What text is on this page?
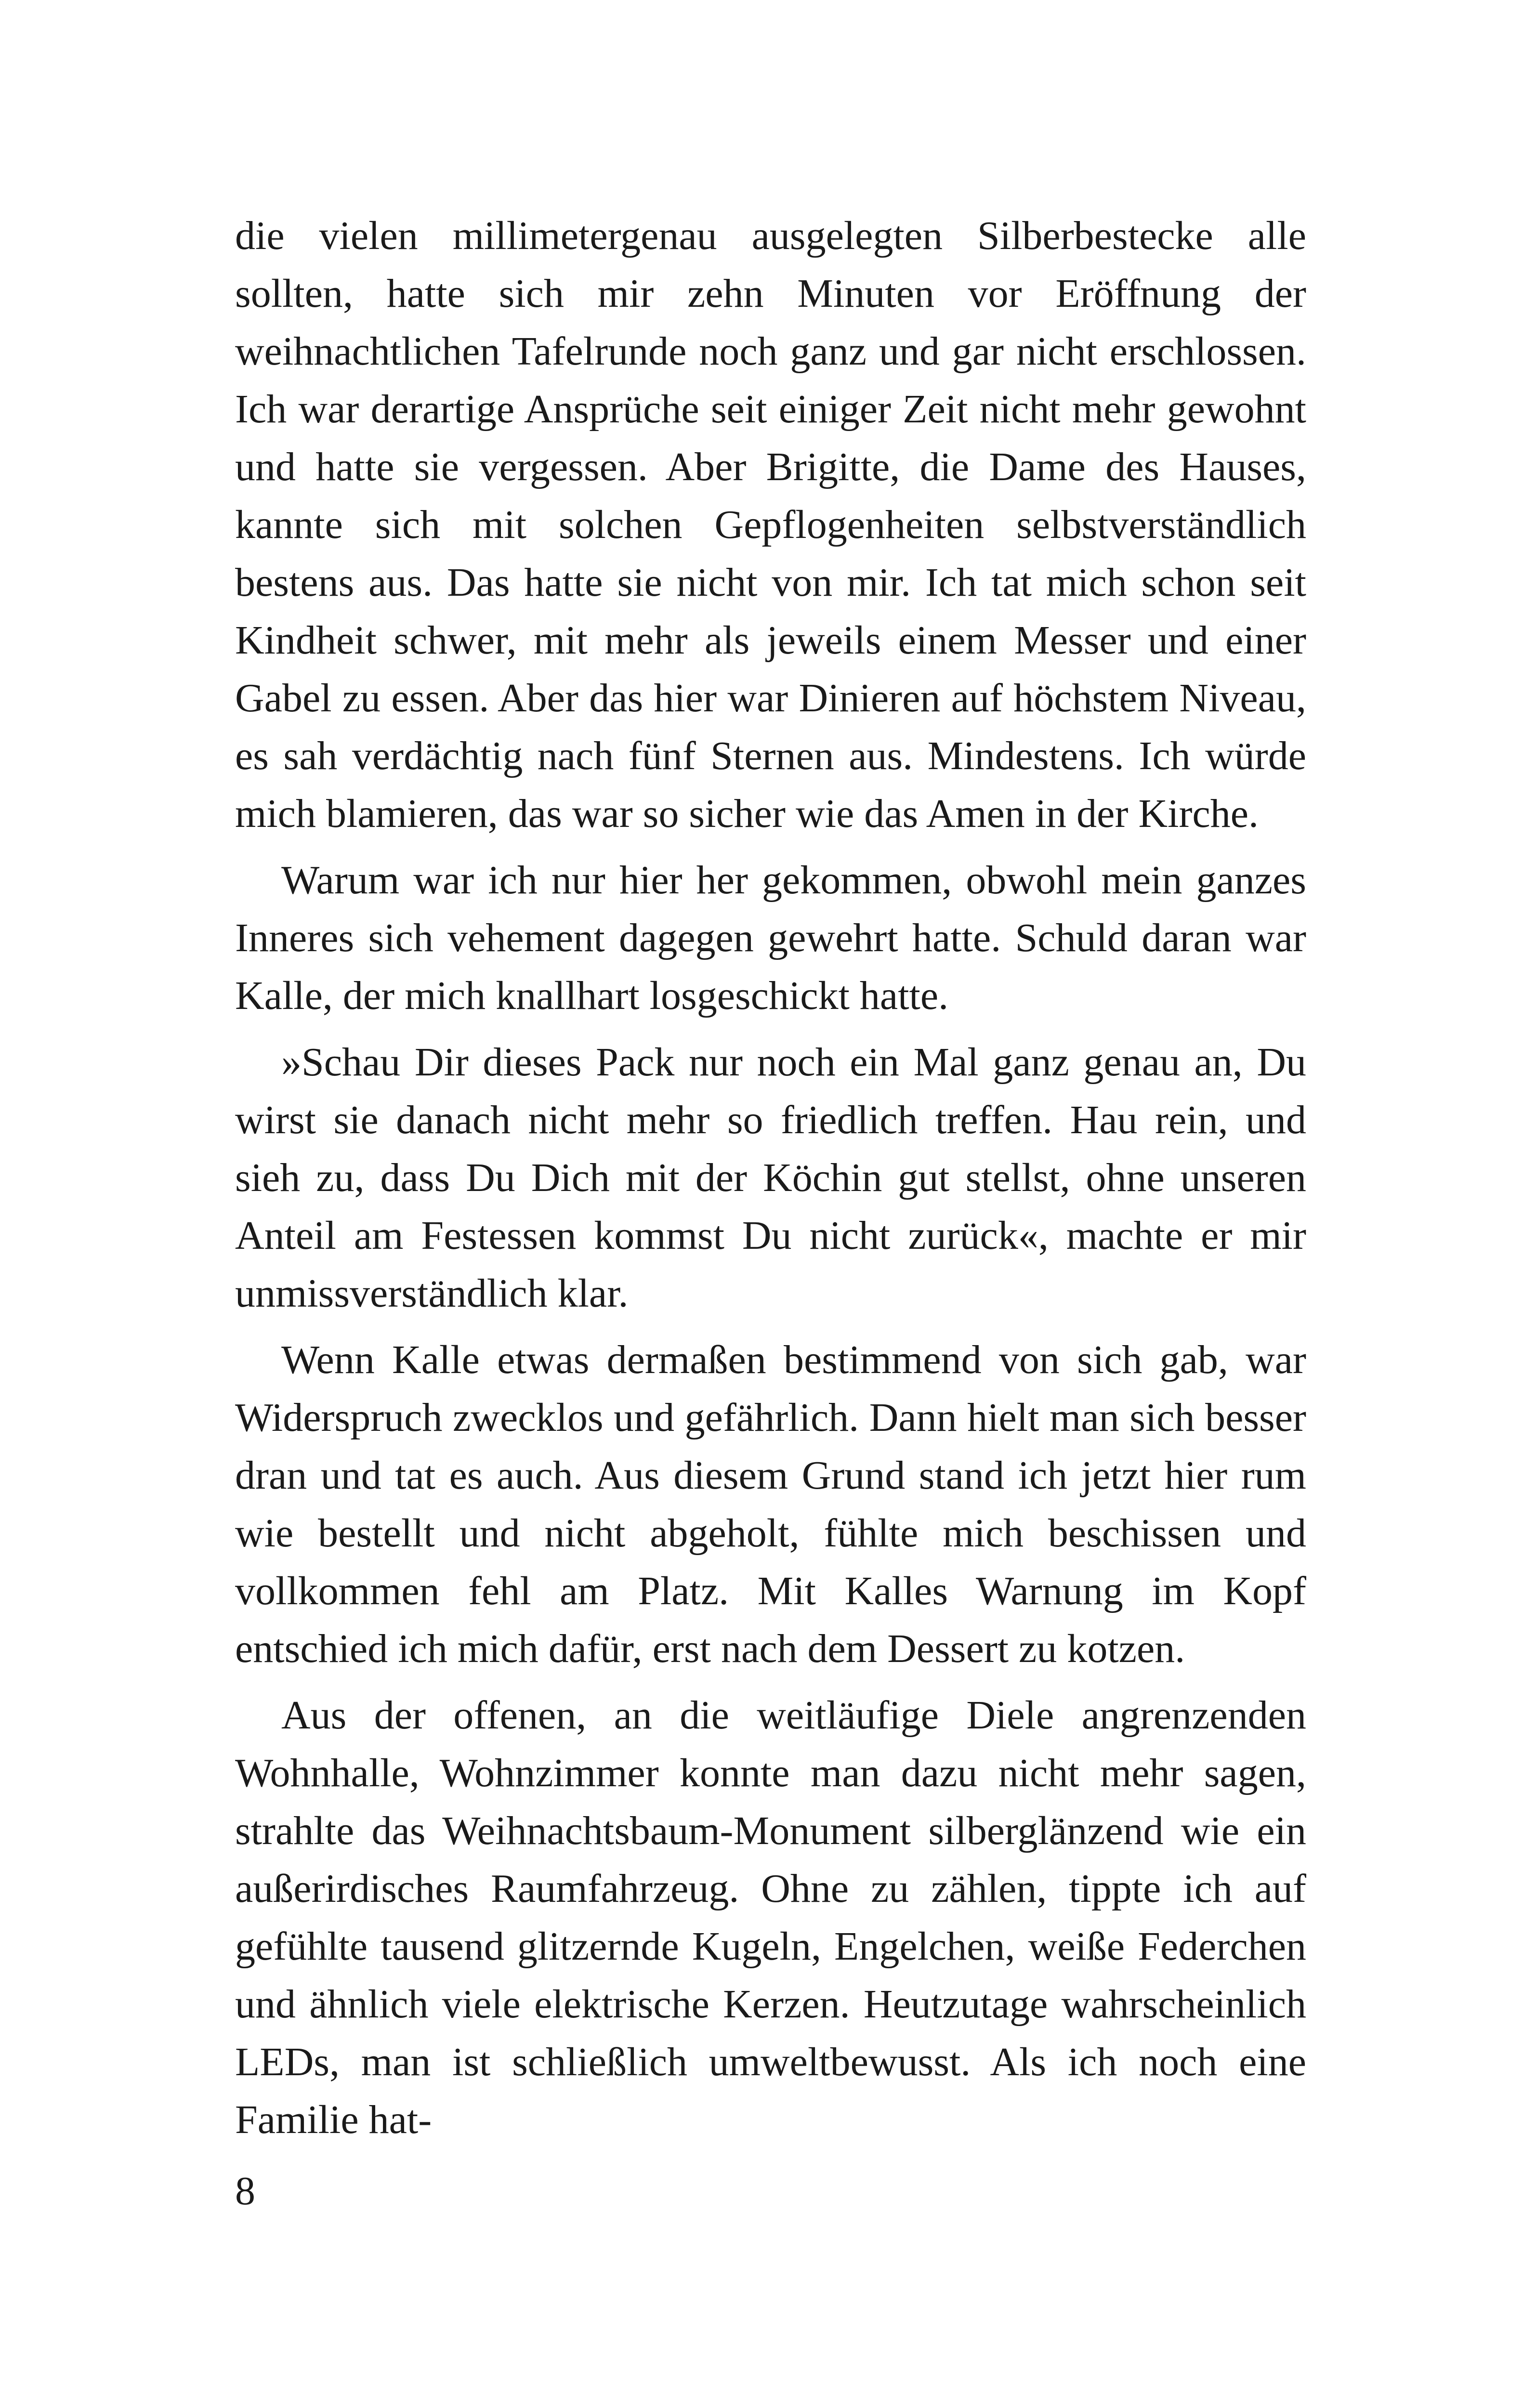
die vielen millimetergenau ausgelegten Silberbestecke alle sollten, hatte sich mir zehn Minuten vor Eröffnung der weihnachtlichen Tafelrunde noch ganz und gar nicht erschlossen. Ich war derartige Ansprüche seit einiger Zeit nicht mehr gewohnt und hatte sie vergessen. Aber Brigitte, die Dame des Hauses, kannte sich mit solchen Gepflogenheiten selbstverständlich bestens aus. Das hatte sie nicht von mir. Ich tat mich schon seit Kindheit schwer, mit mehr als jeweils einem Messer und einer Gabel zu essen. Aber das hier war Dinieren auf höchstem Niveau, es sah verdächtig nach fünf Sternen aus. Mindestens. Ich würde mich blamieren, das war so sicher wie das Amen in der Kirche.

Warum war ich nur hier her gekommen, obwohl mein ganzes Inneres sich vehement dagegen gewehrt hatte. Schuld daran war Kalle, der mich knallhart losgeschickt hatte.

»Schau Dir dieses Pack nur noch ein Mal ganz genau an, Du wirst sie danach nicht mehr so friedlich treffen. Hau rein, und sieh zu, dass Du Dich mit der Köchin gut stellst, ohne unseren Anteil am Festessen kommst Du nicht zurück«, machte er mir unmissverständlich klar.

Wenn Kalle etwas dermaßen bestimmend von sich gab, war Widerspruch zwecklos und gefährlich. Dann hielt man sich besser dran und tat es auch. Aus diesem Grund stand ich jetzt hier rum wie bestellt und nicht abgeholt, fühlte mich beschissen und vollkommen fehl am Platz. Mit Kalles Warnung im Kopf entschied ich mich dafür, erst nach dem Dessert zu kotzen.

Aus der offenen, an die weitläufige Diele angrenzenden Wohnhalle, Wohnzimmer konnte man dazu nicht mehr sagen, strahlte das Weihnachtsbaum-Monument silberglänzend wie ein außerirdisches Raumfahrzeug. Ohne zu zählen, tippte ich auf gefühlte tausend glitzernde Kugeln, Engelchen, weiße Federchen und ähnlich viele elektrische Kerzen. Heutzutage wahrscheinlich LEDs, man ist schließlich umweltbewusst. Als ich noch eine Familie hat-

8
